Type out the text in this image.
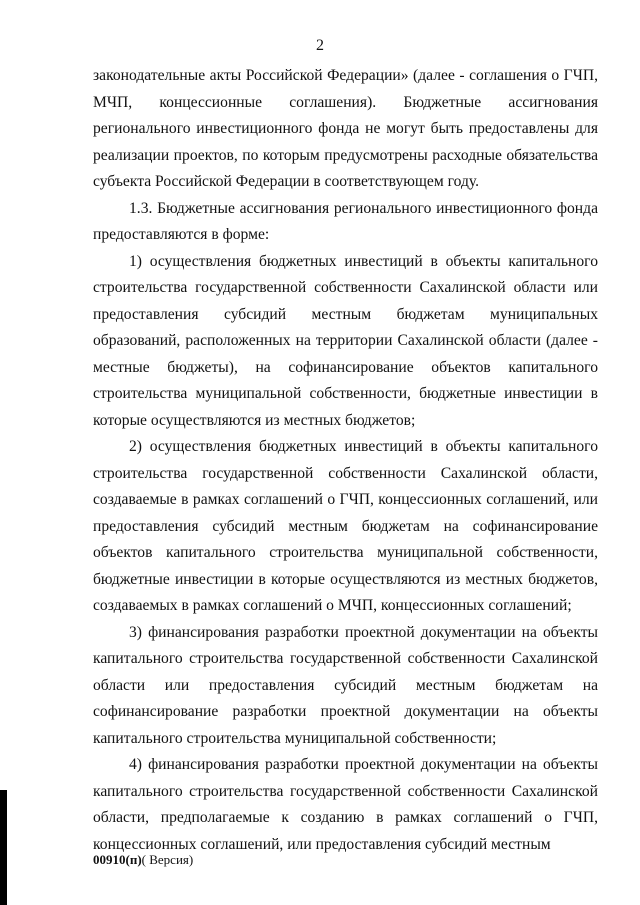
2

законодательные акты Российской Федерации» (далее - соглашения о ГЧП, МЧП, концессионные соглашения). Бюджетные ассигнования регионального инвестиционного фонда не могут быть предоставлены для реализации проектов, по которым предусмотрены расходные обязательства субъекта Российской Федерации в соответствующем году.

1.3. Бюджетные ассигнования регионального инвестиционного фонда предоставляются в форме:

1) осуществления бюджетных инвестиций в объекты капитального строительства государственной собственности Сахалинской области или предоставления субсидий местным бюджетам муниципальных образований, расположенных на территории Сахалинской области (далее - местные бюджеты), на софинансирование объектов капитального строительства муниципальной собственности, бюджетные инвестиции в которые осуществляются из местных бюджетов;

2) осуществления бюджетных инвестиций в объекты капитального строительства государственной собственности Сахалинской области, создаваемые в рамках соглашений о ГЧП, концессионных соглашений, или предоставления субсидий местным бюджетам на софинансирование объектов капитального строительства муниципальной собственности, бюджетные инвестиции в которые осуществляются из местных бюджетов, создаваемых в рамках соглашений о МЧП, концессионных соглашений;

3) финансирования разработки проектной документации на объекты капитального строительства государственной собственности Сахалинской области или предоставления субсидий местным бюджетам на софинансирование разработки проектной документации на объекты капитального строительства муниципальной собственности;

4) финансирования разработки проектной документации на объекты капитального строительства государственной собственности Сахалинской области, предполагаемые к созданию в рамках соглашений о ГЧП, концессионных соглашений, или предоставления субсидий местным

00910(п)( Версия)
